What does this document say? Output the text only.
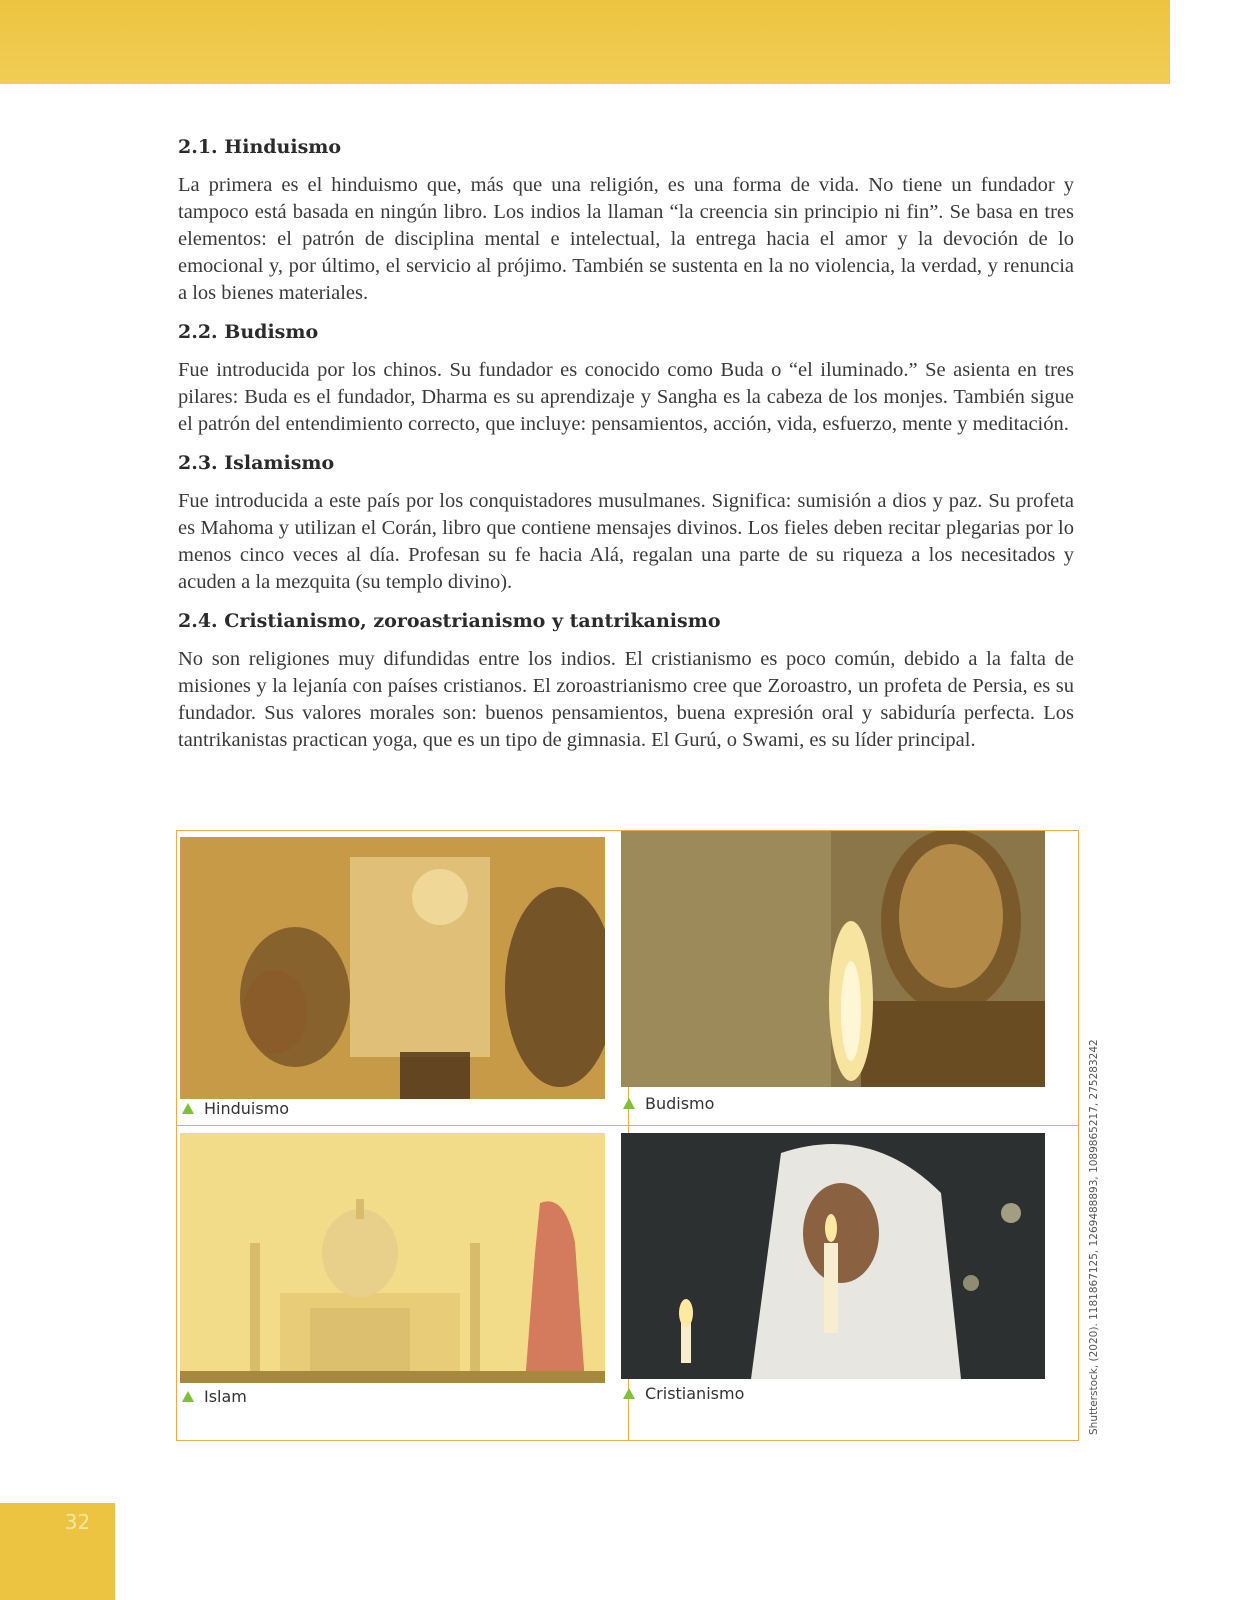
2.1. Hinduismo

La primera es el hinduismo que, más que una religión, es una forma de vida. No tiene un fundador y tampoco está basada en ningún libro. Los indios la llaman “la creencia sin principio ni fin”. Se basa en tres elementos: el patrón de disciplina mental e intelectual, la entrega hacia el amor y la devoción de lo emocional y, por último, el servicio al prójimo. También se sustenta en la no violencia, la verdad, y renuncia a los bienes materiales.

2.2. Budismo

Fue introducida por los chinos. Su fundador es conocido como Buda o “el iluminado.” Se asienta en tres pilares: Buda es el fundador, Dharma es su aprendizaje y Sangha es la cabeza de los monjes. También sigue el patrón del entendimiento correcto, que incluye: pensamientos, acción, vida, esfuerzo, mente y meditación.

2.3. Islamismo

Fue introducida a este país por los conquistadores musulmanes. Significa: sumisión a dios y paz. Su profeta es Mahoma y utilizan el Corán, libro que contiene mensajes divinos. Los fieles deben recitar plegarias por lo menos cinco veces al día. Profesan su fe hacia Alá, regalan una parte de su riqueza a los necesitados y acuden a la mezquita (su templo divino).

2.4. Cristianismo, zoroastrianismo y tantrikanismo

No son religiones muy difundidas entre los indios. El cristianismo es poco común, debido a la falta de misiones y la lejanía con países cristianos. El zoroastrianismo cree que Zoroastro, un profeta de Persia, es su fundador. Sus valores morales son: buenos pensamientos, buena expresión oral y sabiduría perfecta. Los tantrikanistas practican yoga, que es un tipo de gimnasia. El Gurú, o Swami, es su líder principal.

Hinduismo	Budismo
Islam	Cristianismo	Shutterstock, (2020). 1181867125, 1269488893, 1089865217, 275283242
32
